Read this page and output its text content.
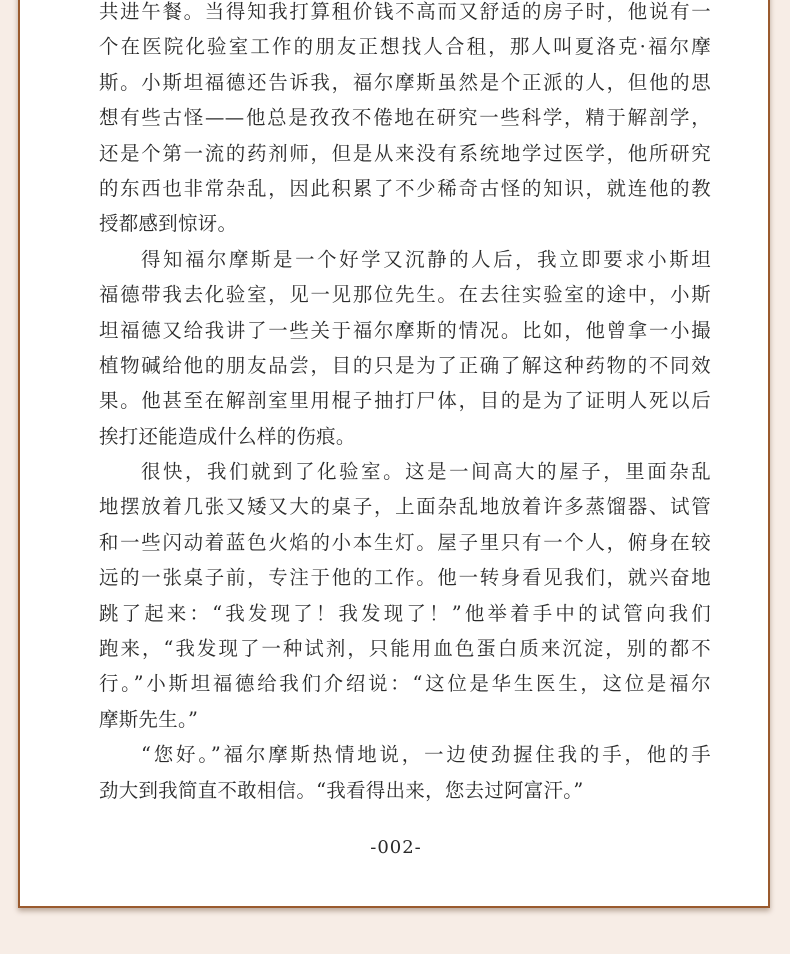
共进午餐。当得知我打算租价钱不高而又舒适的房子时，他说有一
个在医院化验室工作的朋友正想找人合租，那人叫夏洛克·福尔摩
斯。小斯坦福德还告诉我，福尔摩斯虽然是个正派的人，但他的思
想有些古怪——他总是孜孜不倦地在研究一些科学，精于解剖学，
还是个第一流的药剂师，但是从来没有系统地学过医学，他所研究
的东西也非常杂乱，因此积累了不少稀奇古怪的知识，就连他的教
授都感到惊讶。
得知福尔摩斯是一个好学又沉静的人后，我立即要求小斯坦
福德带我去化验室，见一见那位先生。在去往实验室的途中，小斯
坦福德又给我讲了一些关于福尔摩斯的情况。比如，他曾拿一小撮
植物碱给他的朋友品尝，目的只是为了正确了解这种药物的不同效
果。他甚至在解剖室里用棍子抽打尸体，目的是为了证明人死以后
挨打还能造成什么样的伤痕。
很快，我们就到了化验室。这是一间高大的屋子，里面杂乱
地摆放着几张又矮又大的桌子，上面杂乱地放着许多蒸馏器、试管
和一些闪动着蓝色火焰的小本生灯。屋子里只有一个人，俯身在较
远的一张桌子前，专注于他的工作。他一转身看见我们，就兴奋地
跳了起来：“我发现了！我发现了！”他举着手中的试管向我们
跑来，“我发现了一种试剂，只能用血色蛋白质来沉淀，别的都不
行。”小斯坦福德给我们介绍说：“这位是华生医生，这位是福尔
摩斯先生。”
“您好。”福尔摩斯热情地说，一边使劲握住我的手，他的手
劲大到我简直不敢相信。“我看得出来，您去过阿富汗。”
-002-
